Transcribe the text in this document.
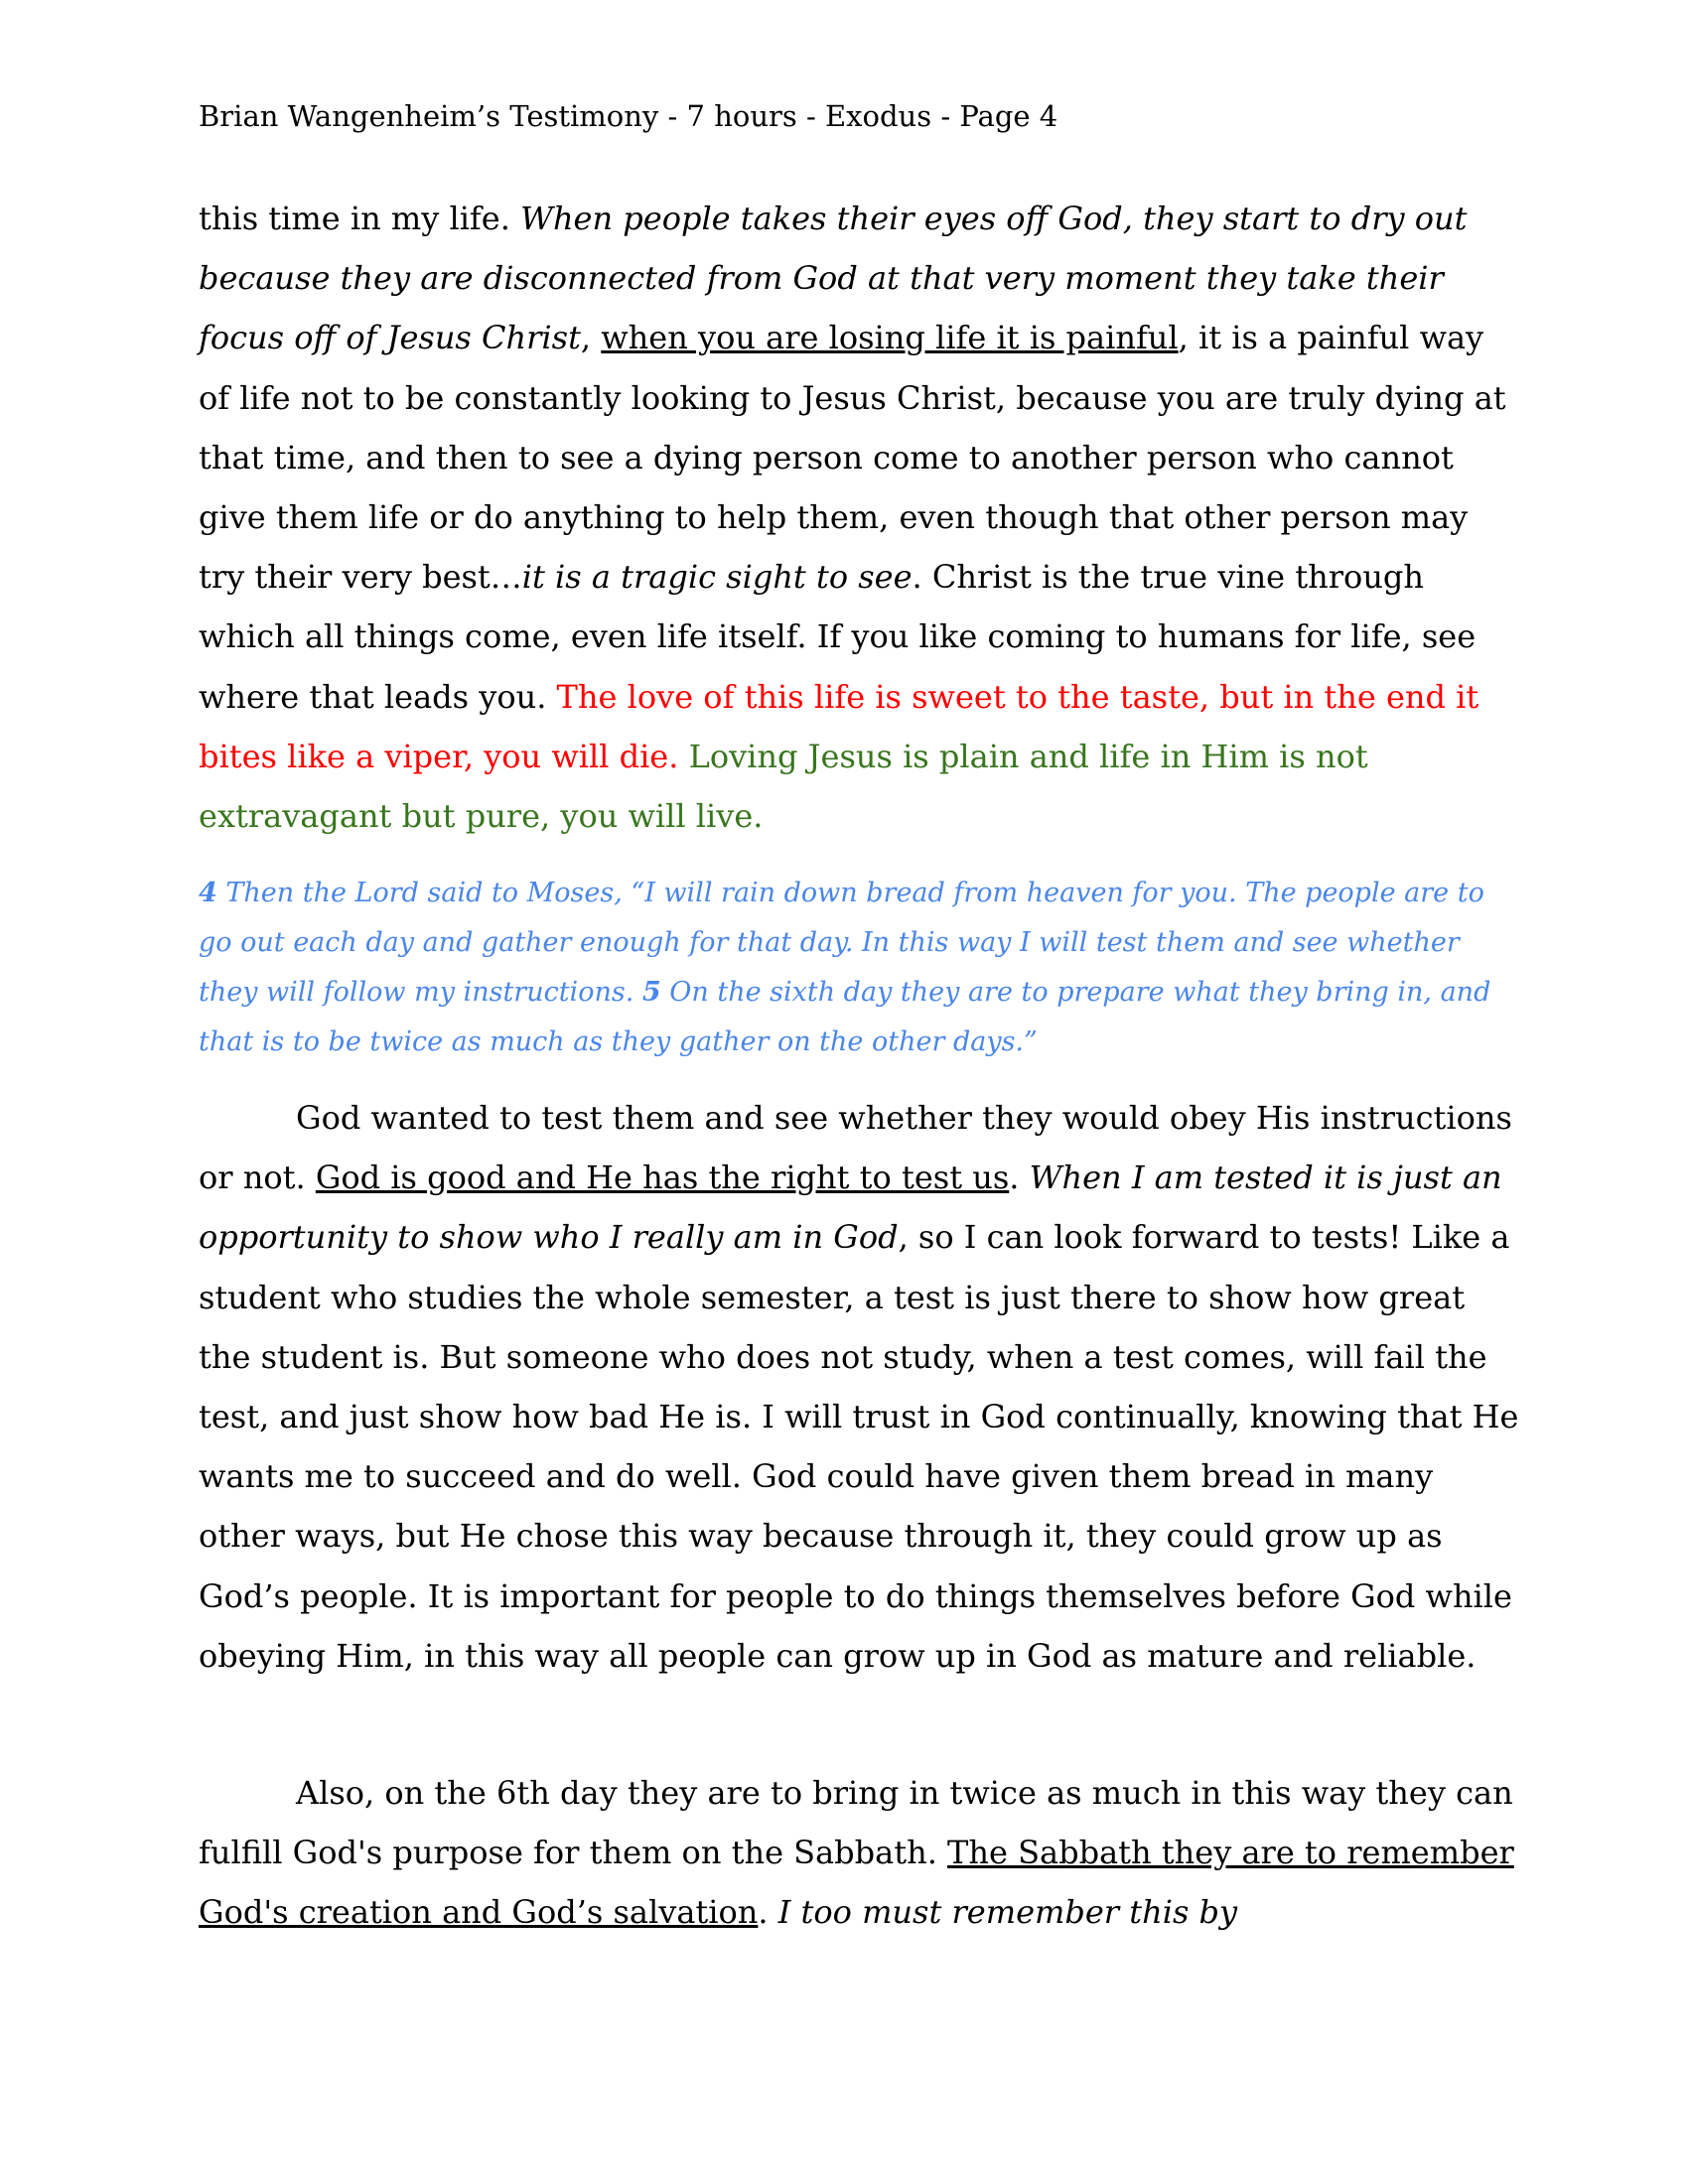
Brian Wangenheim’s Testimony - 7 hours - Exodus - Page 4

this time in my life. When people takes their eyes off God, they start to dry out because they are disconnected from God at that very moment they take their focus off of Jesus Christ, when you are losing life it is painful, it is a painful way of life not to be constantly looking to Jesus Christ, because you are truly dying at that time, and then to see a dying person come to another person who cannot give them life or do anything to help them, even though that other person may try their very best…it is a tragic sight to see. Christ is the true vine through which all things come, even life itself. If you like coming to humans for life, see where that leads you. The love of this life is sweet to the taste, but in the end it bites like a viper, you will die. Loving Jesus is plain and life in Him is not extravagant but pure, you will live.

4 Then the Lord said to Moses, “I will rain down bread from heaven for you. The people are to go out each day and gather enough for that day. In this way I will test them and see whether they will follow my instructions. 5 On the sixth day they are to prepare what they bring in, and that is to be twice as much as they gather on the other days.”

God wanted to test them and see whether they would obey His instructions or not. God is good and He has the right to test us. When I am tested it is just an opportunity to show who I really am in God, so I can look forward to tests! Like a student who studies the whole semester, a test is just there to show how great the student is. But someone who does not study, when a test comes, will fail the test, and just show how bad He is. I will trust in God continually, knowing that He wants me to succeed and do well. God could have given them bread in many other ways, but He chose this way because through it, they could grow up as God’s people. It is important for people to do things themselves before God while obeying Him, in this way all people can grow up in God as mature and reliable.

Also, on the 6th day they are to bring in twice as much in this way they can fulfill God's purpose for them on the Sabbath. The Sabbath they are to remember God's creation and God’s salvation. I too must remember this by
